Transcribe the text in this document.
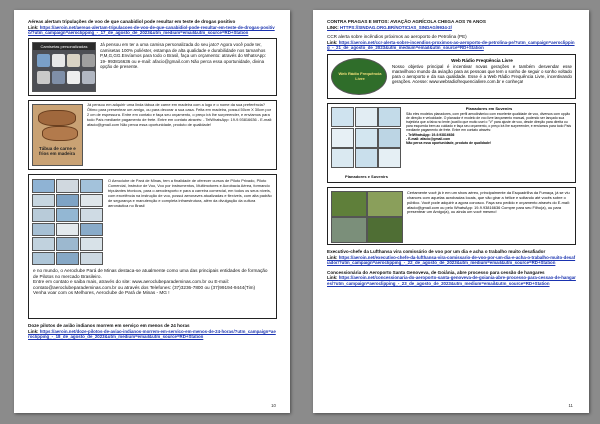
Aéreas alertam tripulações de voo de que canabidiol pode resultar em teste de drogas positivo
Link: https://aeroin.net/aereas-alertam-tripulacoes-de-voo-de-que-canabidiol-pode-resultar-em-teste-de-drogas-positivo/?utm_campaign=aeroclipping_-_17_de_agosto_de_2023&utm_medium=email&utm_source=RD+Station
Camisetas personalizadas	Já pensou em ter a uma camisa personalizada do seu jato? Agora você pode ter, camisetas 100% poliéster, estampa de alta qualidade e durabilidade nos tamanhos P,M,G,GG.Envíamos para todo o Brasil, faça um orçamento: através do WhatsApp: 19- 993816636 ou e-mail: afacio@gmail.com Não perca essa oportunidade, divina opção de presente.
Tábua de carne e frios em madeira
Já pensou em adquirir uma linda tábua de carne em madeira com a logo e o nome da sua preferência? Ótimo para presentear um amigo, ou para decorar a sua casa. Feita em madeira, possui 50cm X 30cm por 2 cm de espessura. Entre em contato e faça seu orçamento, o preço irá lhe surpreender, e enviamos para todo País mediante pagamento de frete. Entre em contato através: - TelWhatsApp: 19-9.93816636 - E-mail: afacio@gmail.com Não perca essa oportunidade, produto de qualidade!
O Aeroclube de Pará de Minas, tem a finalidade de oferecer cursos de Piloto Privado, Piloto Comercial, Instrutor de Voo, Voo por instrumentos, Multimotores e Acrobacia Aérea, formando tripulantes técnicos, para o aerodesporto e para a carreira comercial, em todos os seus níveis, com excelência na instrução de voo, possui aeronaves atualizadas e flexíveis, com alta padrão de segurança e manutenção e completa infraestrutura, além da divulgação da cultura aeronáutica no Brasil
e no mundo, o Aeroclube Pará de Minas destaca-se atualmente como uma das principais entidades de formação de Pilotos no mercado Brasileiro.
Entre em contato e saiba mais, através do site: www.aeroclubeparademinas.com.br ou E-mail: contato@aeroclubeparademinas.com.br ou através dos Telefones: (37)3236-7800 ou (37)99194-9444(Tim)
Venha voar com os Melhores, Aeroclube de Pará de Minas - MG !
Doze pilotos de avião indianos morrem em serviço em menos de 24 horas
Link: https://aeroin.net/doze-pilotos-de-aviao-indianos-morrem-em-servico-em-menos-de-24-horas/?utm_campaign=aeroclipping_-_18_de_agosto_de_2023&utm_medium=email&utm_source=RD+Station
10
CONTRA PRAGAS E MITOS: AVIAÇÃO AGRÍCOLA CHEGA AOS 76 ANOS
LINK: HTTPS://SINDAG.ORG.BR/NOTICIAS_SINDAG/9934-2/
CCR alerta sobre incêndios próximos ao aeroporto de Petrolina (PE)
Link: https://aeroin.net/ccr-alerta-sobre-incendios-proximos-ao-aeroporto-de-petrolina-pe/?utm_campaign=aeroclipping_-_21_de_agosto_de_2023&utm_medium=email&utm_source=RD+Station
Web Rádio Frequência Livre
Web Rádio Freqüência Livre
Nosso objetivo principal é incentivar novas gerações e também desvendar esse maravilhoso mundo da aviação para as pessoas que tem o sonho de seguir o sonho voltado para o aeroporto e da sua qualidade. Esse é a Web Rádio Frequência Livre, incentivando gerações. Acesse: www.webradiofrequencialivre.com.br e conheça!
Planadores e Suvenirs
Planadores em Suvenirs
São eles modelos planadores, com perfil aerodinâmico com excelente qualidade de voo, diversos com opção de direção e velocidade. O planador é modelo de voo livre lançamento manual, podendo ser lançado sua trajetória que a faixa no lente (auxílio que muito usei o "V" para ajuste de voo, desde direção para direita ou para esquerda bem ao cuidado e faça seu orçamento, o preço irá lhe surpreender, e enviamos para todo País mediante pagamento de frete. Entre em contato através:
- TelWhatsApp: 19-9.93816636
- E-mail: afacio@gmail.com
Não perca essa oportunidade, produto de qualidade!
Certamente você já ir em um show aéreo, principalmente da Esquadrilha da Fumaça, já se viu chances com aquelas acrobacias locais, que vão girar a hélice e soltando até vocês sobre o público. Você pode adquirir a agora conosco. Faça seu pedido e orçamento através do E-mail: afacio@gmail.com ou pelo WhatsApp: 19-9.93816636 Compre para seu Filho(a), ou para presentear um Amigo(a), ou ainda um você mesmo!
Executivo-chefe da Lufthansa vira comissário de voo por um dia e acha o trabalho muito desafiador
Link: https://aeroin.net/executivo-chefe-da-lufthansa-vira-comissario-de-voo-por-um-dia-e-acha-o-trabalho-muito-desafiador/?utm_campaign=aeroclipping_-_22_de_agosto_de_2023&utm_medium=email&utm_source=RD+Station
Concessionária do Aeroporto Santa Genoveva, de Goiânia, abre processo para cessão de hangares
Link: https://aeroin.net/concessionaria-do-aeroporto-santa-genoveva-de-goiania-abre-processo-para-cessao-de-hangares/?utm_campaign=aeroclipping_-_23_de_agosto_de_2023&utm_medium=email&utm_source=RD+Station
11
